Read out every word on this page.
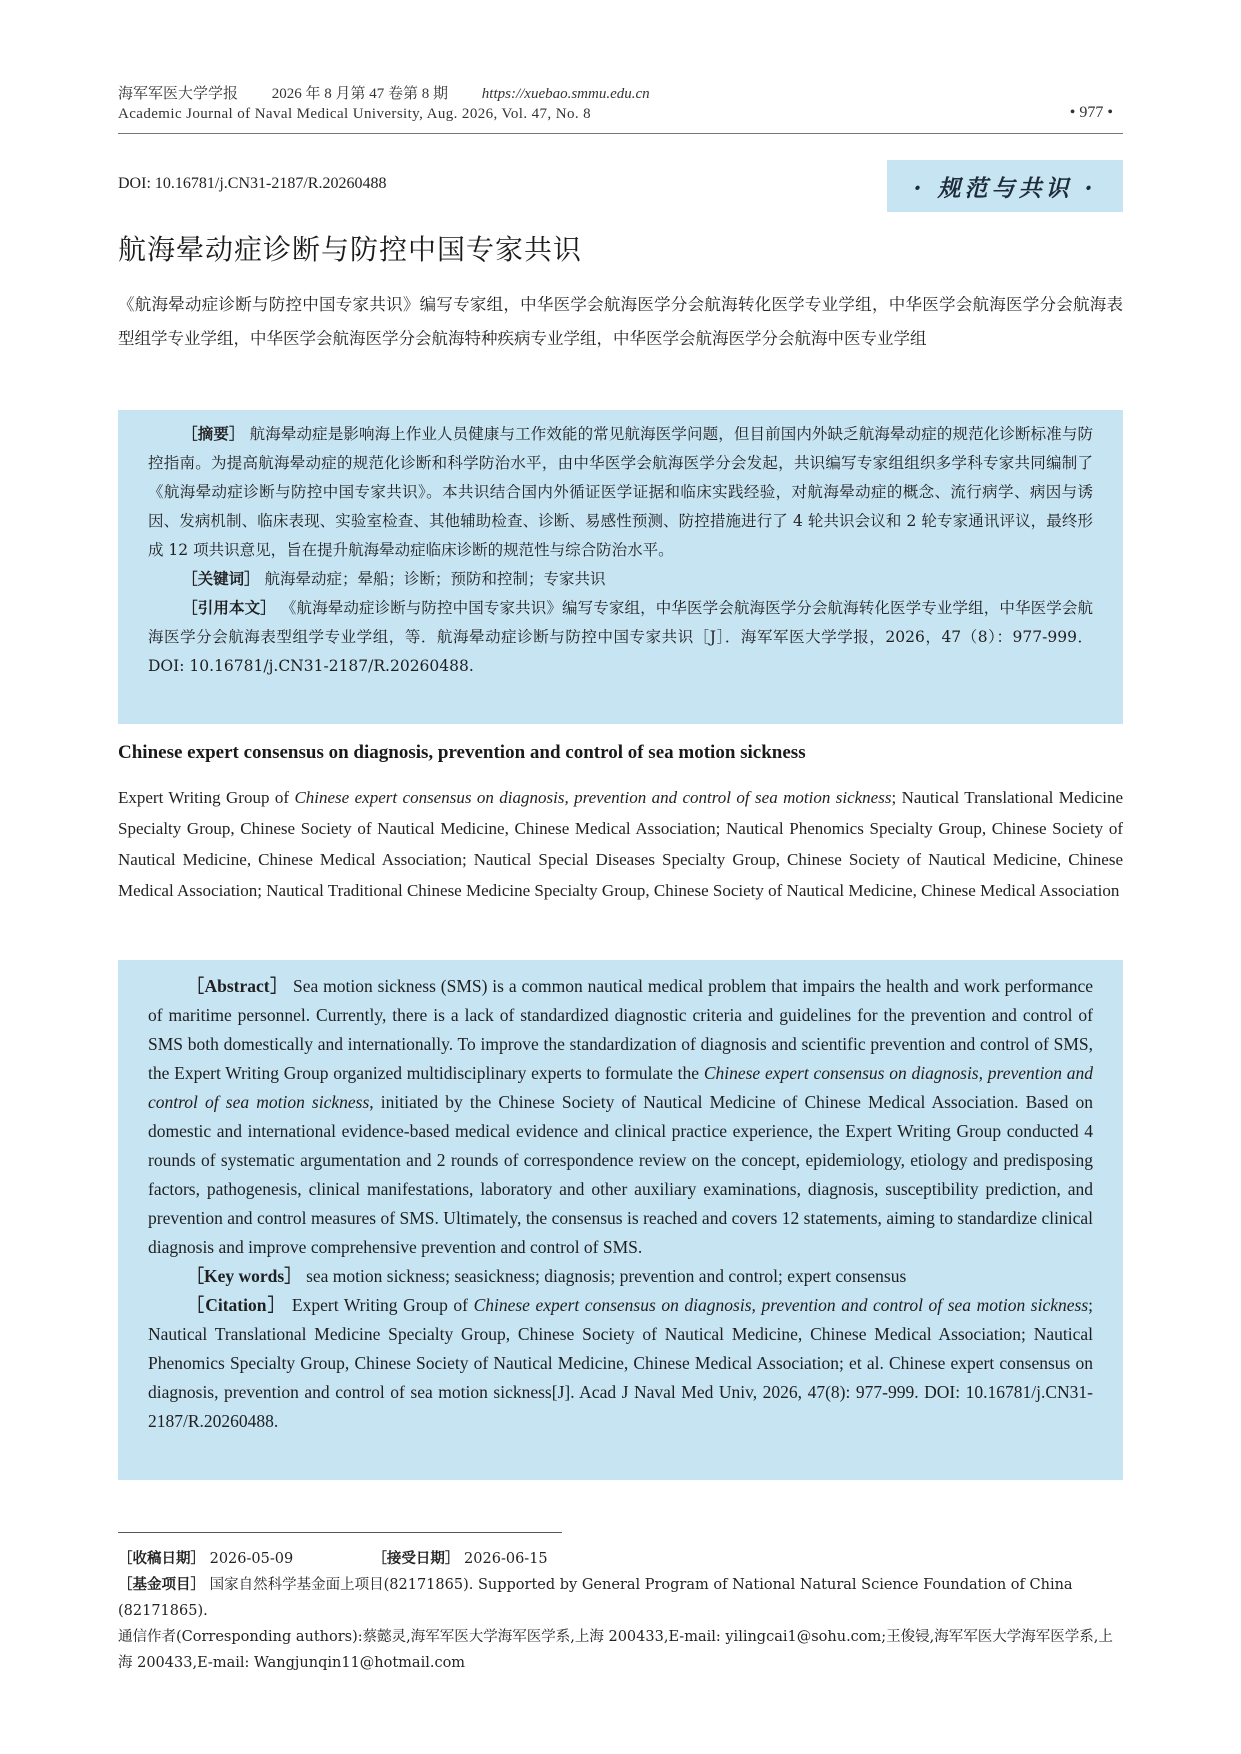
海军军医大学学报 2026 年 8 月第 47 卷第 8 期 https://xuebao.smmu.edu.cn
Academic Journal of Naval Medical University, Aug. 2026, Vol. 47, No. 8	• 977 •
DOI: 10.16781/j.CN31-2187/R.20260488	· 规范与共识 ·
航海晕动症诊断与防控中国专家共识
《航海晕动症诊断与防控中国专家共识》编写专家组，中华医学会航海医学分会航海转化医学专业学组，中华医学会航海医学分会航海表型组学专业学组，中华医学会航海医学分会航海特种疾病专业学组，中华医学会航海医学分会航海中医专业学组

［摘要］ 航海晕动症是影响海上作业人员健康与工作效能的常见航海医学问题，但目前国内外缺乏航海晕动症的规范化诊断标准与防控指南。为提高航海晕动症的规范化诊断和科学防治水平，由中华医学会航海医学分会发起，共识编写专家组组织多学科专家共同编制了《航海晕动症诊断与防控中国专家共识》。本共识结合国内外循证医学证据和临床实践经验，对航海晕动症的概念、流行病学、病因与诱因、发病机制、临床表现、实验室检查、其他辅助检查、诊断、易感性预测、防控措施进行了 4 轮共识会议和 2 轮专家通讯评议，最终形成 12 项共识意见，旨在提升航海晕动症临床诊断的规范性与综合防治水平。

［关键词］ 航海晕动症；晕船；诊断；预防和控制；专家共识

［引用本文］ 《航海晕动症诊断与防控中国专家共识》编写专家组，中华医学会航海医学分会航海转化医学专业学组，中华医学会航海医学分会航海表型组学专业学组，等．航海晕动症诊断与防控中国专家共识［J］．海军军医大学学报，2026，47（8）：977-999．DOI: 10.16781/j.CN31-2187/R.20260488.

Chinese expert consensus on diagnosis, prevention and control of sea motion sickness
Expert Writing Group of Chinese expert consensus on diagnosis, prevention and control of sea motion sickness; Nautical Translational Medicine Specialty Group, Chinese Society of Nautical Medicine, Chinese Medical Association; Nautical Phenomics Specialty Group, Chinese Society of Nautical Medicine, Chinese Medical Association; Nautical Special Diseases Specialty Group, Chinese Society of Nautical Medicine, Chinese Medical Association; Nautical Traditional Chinese Medicine Specialty Group, Chinese Society of Nautical Medicine, Chinese Medical Association

［Abstract］ Sea motion sickness (SMS) is a common nautical medical problem that impairs the health and work performance of maritime personnel. Currently, there is a lack of standardized diagnostic criteria and guidelines for the prevention and control of SMS both domestically and internationally. To improve the standardization of diagnosis and scientific prevention and control of SMS, the Expert Writing Group organized multidisciplinary experts to formulate the Chinese expert consensus on diagnosis, prevention and control of sea motion sickness, initiated by the Chinese Society of Nautical Medicine of Chinese Medical Association. Based on domestic and international evidence-based medical evidence and clinical practice experience, the Expert Writing Group conducted 4 rounds of systematic argumentation and 2 rounds of correspondence review on the concept, epidemiology, etiology and predisposing factors, pathogenesis, clinical manifestations, laboratory and other auxiliary examinations, diagnosis, susceptibility prediction, and prevention and control measures of SMS. Ultimately, the consensus is reached and covers 12 statements, aiming to standardize clinical diagnosis and improve comprehensive prevention and control of SMS.

［Key words］ sea motion sickness; seasickness; diagnosis; prevention and control; expert consensus

［Citation］ Expert Writing Group of Chinese expert consensus on diagnosis, prevention and control of sea motion sickness; Nautical Translational Medicine Specialty Group, Chinese Society of Nautical Medicine, Chinese Medical Association; Nautical Phenomics Specialty Group, Chinese Society of Nautical Medicine, Chinese Medical Association; et al. Chinese expert consensus on diagnosis, prevention and control of sea motion sickness[J]. Acad J Naval Med Univ, 2026, 47(8): 977-999. DOI: 10.16781/j.CN31-2187/R.20260488.

［收稿日期］ 2026-05-09	［接受日期］ 2026-06-15

［基金项目］ 国家自然科学基金面上项目(82171865). Supported by General Program of National Natural Science Foundation of China (82171865).

通信作者(Corresponding authors):蔡懿灵,海军军医大学海军医学系,上海 200433,E-mail: yilingcai1@sohu.com;王俊锓,海军军医大学海军医学系,上海 200433,E-mail: Wangjunqin11@hotmail.com
